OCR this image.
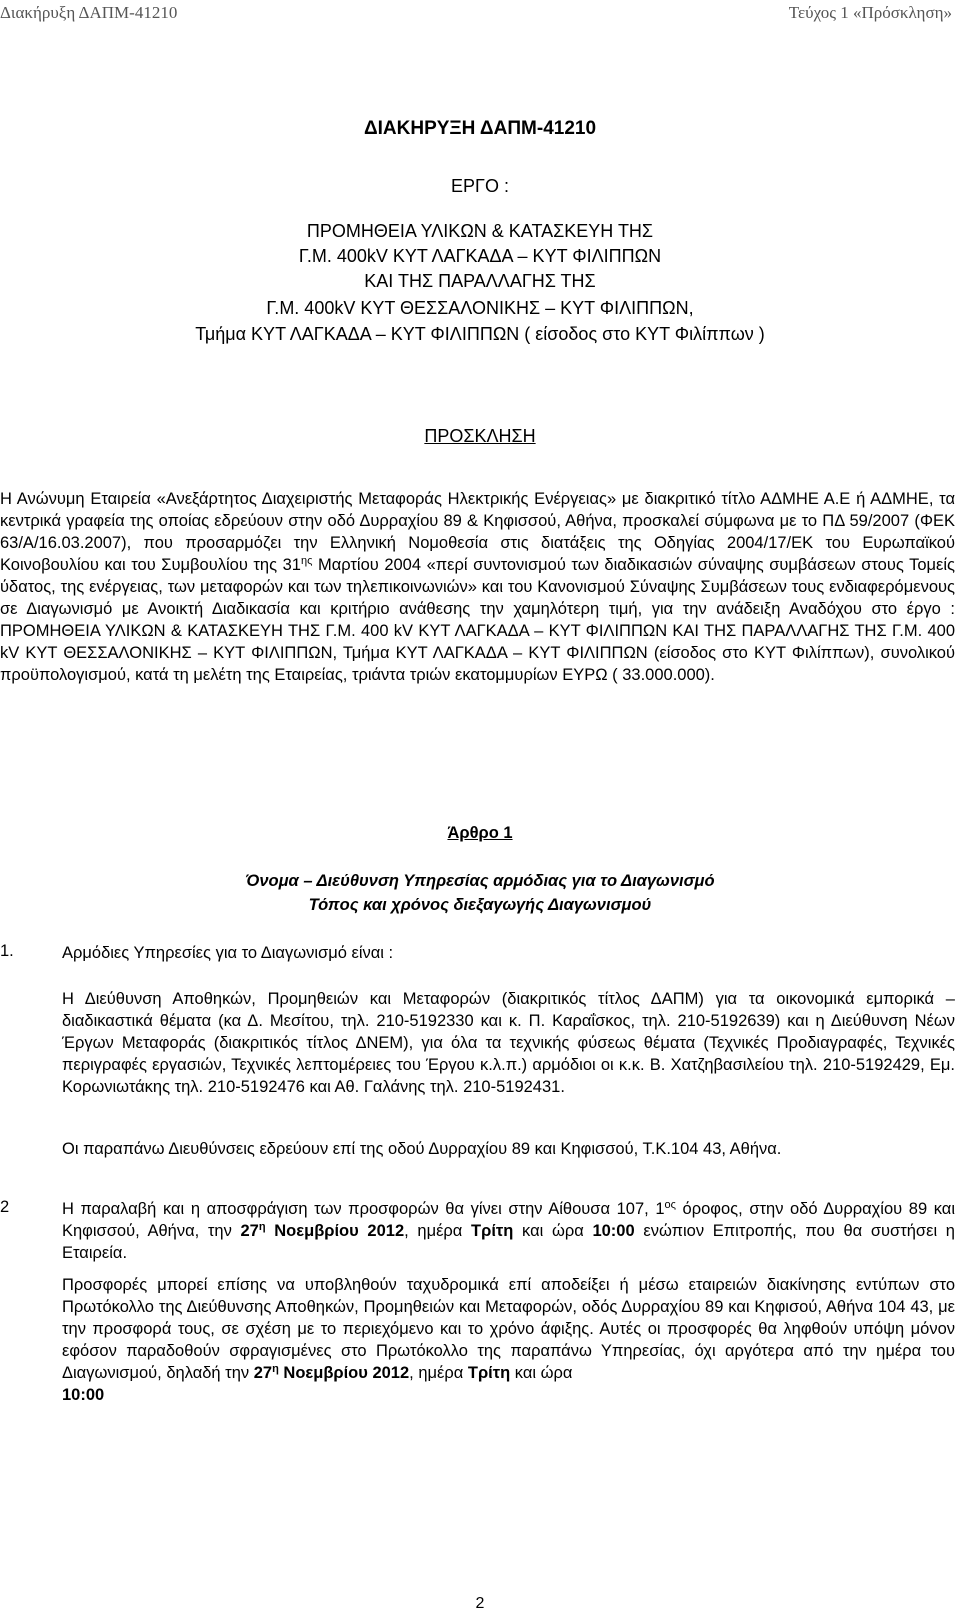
Διακήρυξη ΔΑΠΜ-41210	Τεύχος 1 «Πρόσκληση»
ΔΙΑΚΗΡΥΞΗ ΔΑΠΜ-41210
ΕΡΓΟ :
ΠΡΟΜΗΘΕΙΑ ΥΛΙΚΩΝ & ΚΑΤΑΣΚΕΥΗ ΤΗΣ
Γ.Μ. 400kV ΚΥΤ ΛΑΓΚΑΔΑ – ΚΥΤ ΦΙΛΙΠΠΩΝ
ΚΑΙ ΤΗΣ ΠΑΡΑΛΛΑΓΗΣ ΤΗΣ
Γ.Μ. 400kV ΚΥΤ ΘΕΣΣΑΛΟΝΙΚΗΣ – ΚΥΤ ΦΙΛΙΠΠΩΝ,
Τμήμα ΚΥΤ ΛΑΓΚΑΔΑ – ΚΥΤ ΦΙΛΙΠΠΩΝ ( είσοδος στο ΚΥΤ Φιλίππων )
ΠΡΟΣΚΛΗΣΗ
Η Ανώνυμη Εταιρεία «Ανεξάρτητος Διαχειριστής Μεταφοράς Ηλεκτρικής Ενέργειας» με διακριτικό τίτλο ΑΔΜΗΕ Α.Ε ή ΑΔΜΗΕ, τα κεντρικά γραφεία της οποίας εδρεύουν στην οδό Δυρραχίου 89 & Κηφισσού, Αθήνα, προσκαλεί σύμφωνα με το ΠΔ 59/2007 (ΦΕΚ 63/Α/16.03.2007), που προσαρμόζει την Ελληνική Νομοθεσία στις διατάξεις της Οδηγίας 2004/17/ΕΚ του Ευρωπαϊκού Κοινοβουλίου και του Συμβουλίου της $31^{\eta\varsigma}$ Μαρτίου 2004 «περί συντονισμού των διαδικασιών σύναψης συμβάσεων στους Τομείς ύδατος, της ενέργειας, των μεταφορών και των τηλεπικοινωνιών» και του Κανονισμού Σύναψης Συμβάσεων τους ενδιαφερόμενους σε Διαγωνισμό με Ανοικτή Διαδικασία και κριτήριο ανάθεσης την χαμηλότερη τιμή, για την ανάδειξη Αναδόχου στο έργο : ΠΡΟΜΗΘΕΙΑ ΥΛΙΚΩΝ & ΚΑΤΑΣΚΕΥΗ ΤΗΣ Γ.Μ. 400 kV ΚΥΤ ΛΑΓΚΑΔΑ – ΚΥΤ ΦΙΛΙΠΠΩΝ ΚΑΙ ΤΗΣ ΠΑΡΑΛΛΑΓΗΣ ΤΗΣ Γ.Μ. 400 kV ΚΥΤ ΘΕΣΣΑΛΟΝΙΚΗΣ – ΚΥΤ ΦΙΛΙΠΠΩΝ, Τμήμα ΚΥΤ ΛΑΓΚΑΔΑ – ΚΥΤ ΦΙΛΙΠΠΩΝ (είσοδος στο ΚΥΤ Φιλίππων), συνολικού προϋπολογισμού, κατά τη μελέτη της Εταιρείας, τριάντα τριών εκατομμυρίων ΕΥΡΩ ( 33.000.000).
Άρθρο 1
Όνομα – Διεύθυνση Υπηρεσίας αρμόδιας για το Διαγωνισμό
Τόπος και χρόνος διεξαγωγής Διαγωνισμού
1.	Αρμόδιες Υπηρεσίες για το Διαγωνισμό είναι :
Η Διεύθυνση Αποθηκών, Προμηθειών και Μεταφορών (διακριτικός τίτλος ΔΑΠΜ) για τα οικονομικά εμπορικά – διαδικαστικά θέματα (κα Δ. Μεσίτου, τηλ. 210-5192330 και κ. Π. Καραΐσκος, τηλ. 210-5192639) και η Διεύθυνση Νέων Έργων Μεταφοράς (διακριτικός τίτλος ΔΝΕΜ), για όλα τα τεχνικής φύσεως θέματα (Τεχνικές Προδιαγραφές, Τεχνικές περιγραφές εργασιών, Τεχνικές λεπτομέρειες του Έργου κ.λ.π.) αρμόδιοι οι κ.κ. Β. Χατζηβασιλείου τηλ. 210-5192429, Εμ. Κορωνιωτάκης τηλ. 210-5192476 και Αθ. Γαλάνης τηλ. 210-5192431.
Οι παραπάνω Διευθύνσεις εδρεύουν επί της οδού Δυρραχίου 89 και Κηφισσού, Τ.Κ.104 43, Αθήνα.
2	Η παραλαβή και η αποσφράγιση των προσφορών θα γίνει στην Αίθουσα 107, $1^{o\varsigma}$ όροφος, στην οδό Δυρραχίου 89 και Κηφισσού, Αθήνα, την $27^\eta$ Νοεμβρίου 2012, ημέρα Τρίτη και ώρα 10:00 ενώπιον Επιτροπής, που θα συστήσει η Εταιρεία.
Προσφορές μπορεί επίσης να υποβληθούν ταχυδρομικά επί αποδείξει ή μέσω εταιρειών διακίνησης εντύπων στο Πρωτόκολλο της Διεύθυνσης Αποθηκών, Προμηθειών και Μεταφορών, οδός Δυρραχίου 89 και Κηφισού, Αθήνα 104 43, με την προσφορά τους, σε σχέση με το περιεχόμενο και το χρόνο άφιξης. Αυτές οι προσφορές θα ληφθούν υπόψη μόνον εφόσον παραδοθούν σφραγισμένες στο Πρωτόκολλο της παραπάνω Υπηρεσίας, όχι αργότερα από την ημέρα του Διαγωνισμού, δηλαδή την $27^\eta$ Νοεμβρίου 2012, ημέρα Τρίτη και ώρα
10:00
2
